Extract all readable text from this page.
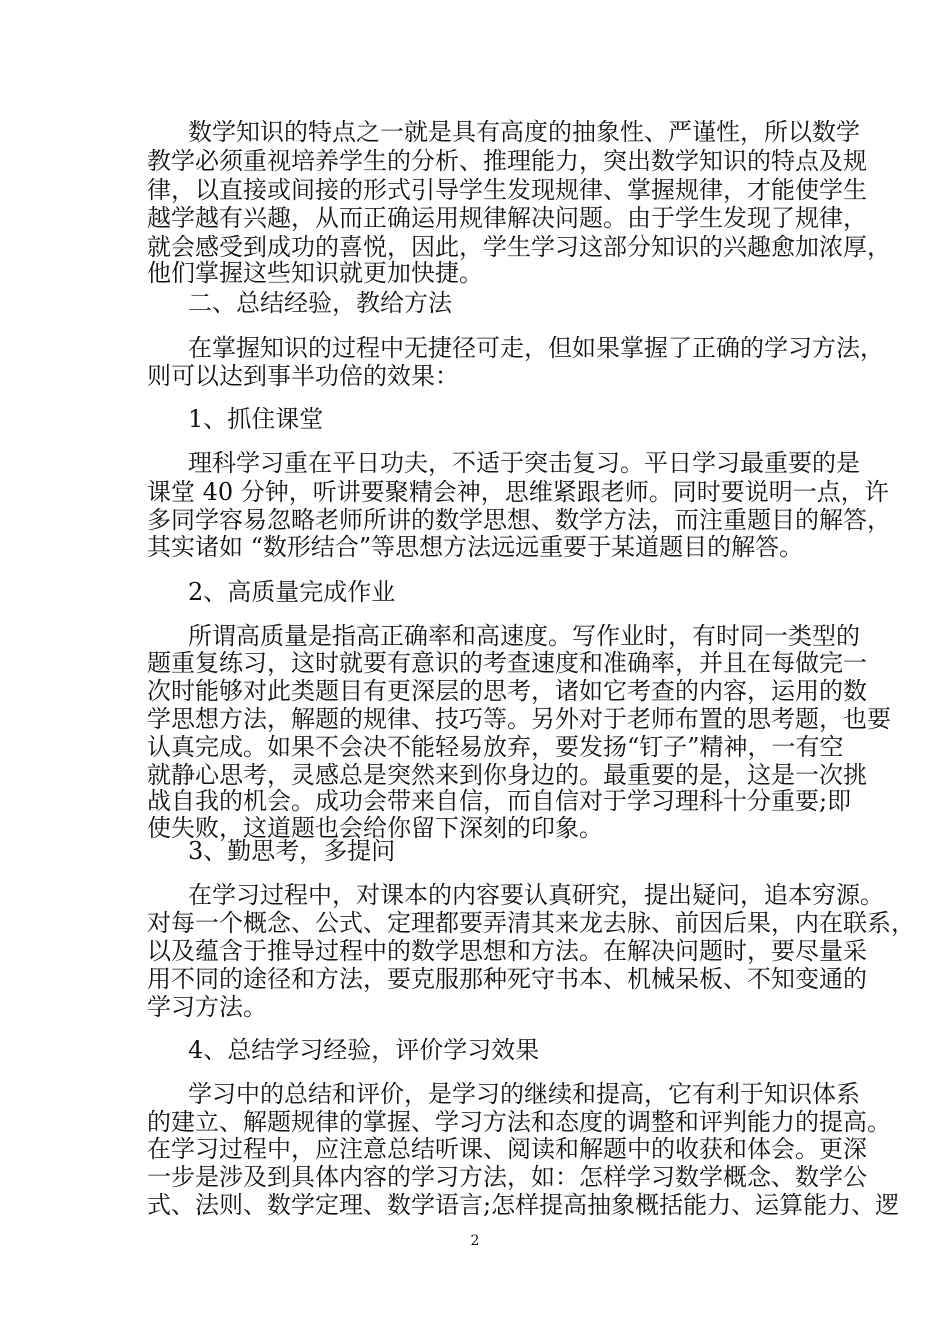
数学知识的特点之一就是具有高度的抽象性、严谨性，所以数学
教学必须重视培养学生的分析、推理能力，突出数学知识的特点及规
律，以直接或间接的形式引导学生发现规律、掌握规律，才能使学生
越学越有兴趣，从而正确运用规律解决问题。由于学生发现了规律，
就会感受到成功的喜悦，因此，学生学习这部分知识的兴趣愈加浓厚，
他们掌握这些知识就更加快捷。
二、总结经验，教给方法
在掌握知识的过程中无捷径可走，但如果掌握了正确的学习方法，
则可以达到事半功倍的效果：
1、抓住课堂
理科学习重在平日功夫，不适于突击复习。平日学习最重要的是
课堂 40 分钟，听讲要聚精会神，思维紧跟老师。同时要说明一点，许
多同学容易忽略老师所讲的数学思想、数学方法，而注重题目的解答，
其实诸如 “数形结合”等思想方法远远重要于某道题目的解答。
2、高质量完成作业
所谓高质量是指高正确率和高速度。写作业时，有时同一类型的
题重复练习，这时就要有意识的考查速度和准确率，并且在每做完一
次时能够对此类题目有更深层的思考，诸如它考查的内容，运用的数
学思想方法，解题的规律、技巧等。另外对于老师布置的思考题，也要
认真完成。如果不会决不能轻易放弃，要发扬“钉子”精神，一有空
就静心思考，灵感总是突然来到你身边的。最重要的是，这是一次挑
战自我的机会。成功会带来自信，而自信对于学习理科十分重要;即
使失败，这道题也会给你留下深刻的印象。
3、勤思考，多提问
在学习过程中，对课本的内容要认真研究，提出疑问，追本穷源。
对每一个概念、公式、定理都要弄清其来龙去脉、前因后果，内在联系，
以及蕴含于推导过程中的数学思想和方法。在解决问题时，要尽量采
用不同的途径和方法，要克服那种死守书本、机械呆板、不知变通的
学习方法。
4、总结学习经验，评价学习效果
学习中的总结和评价，是学习的继续和提高，它有利于知识体系
的建立、解题规律的掌握、学习方法和态度的调整和评判能力的提高。
在学习过程中，应注意总结听课、阅读和解题中的收获和体会。更深
一步是涉及到具体内容的学习方法，如：怎样学习数学概念、数学公
式、法则、数学定理、数学语言;怎样提高抽象概括能力、运算能力、逻
2
